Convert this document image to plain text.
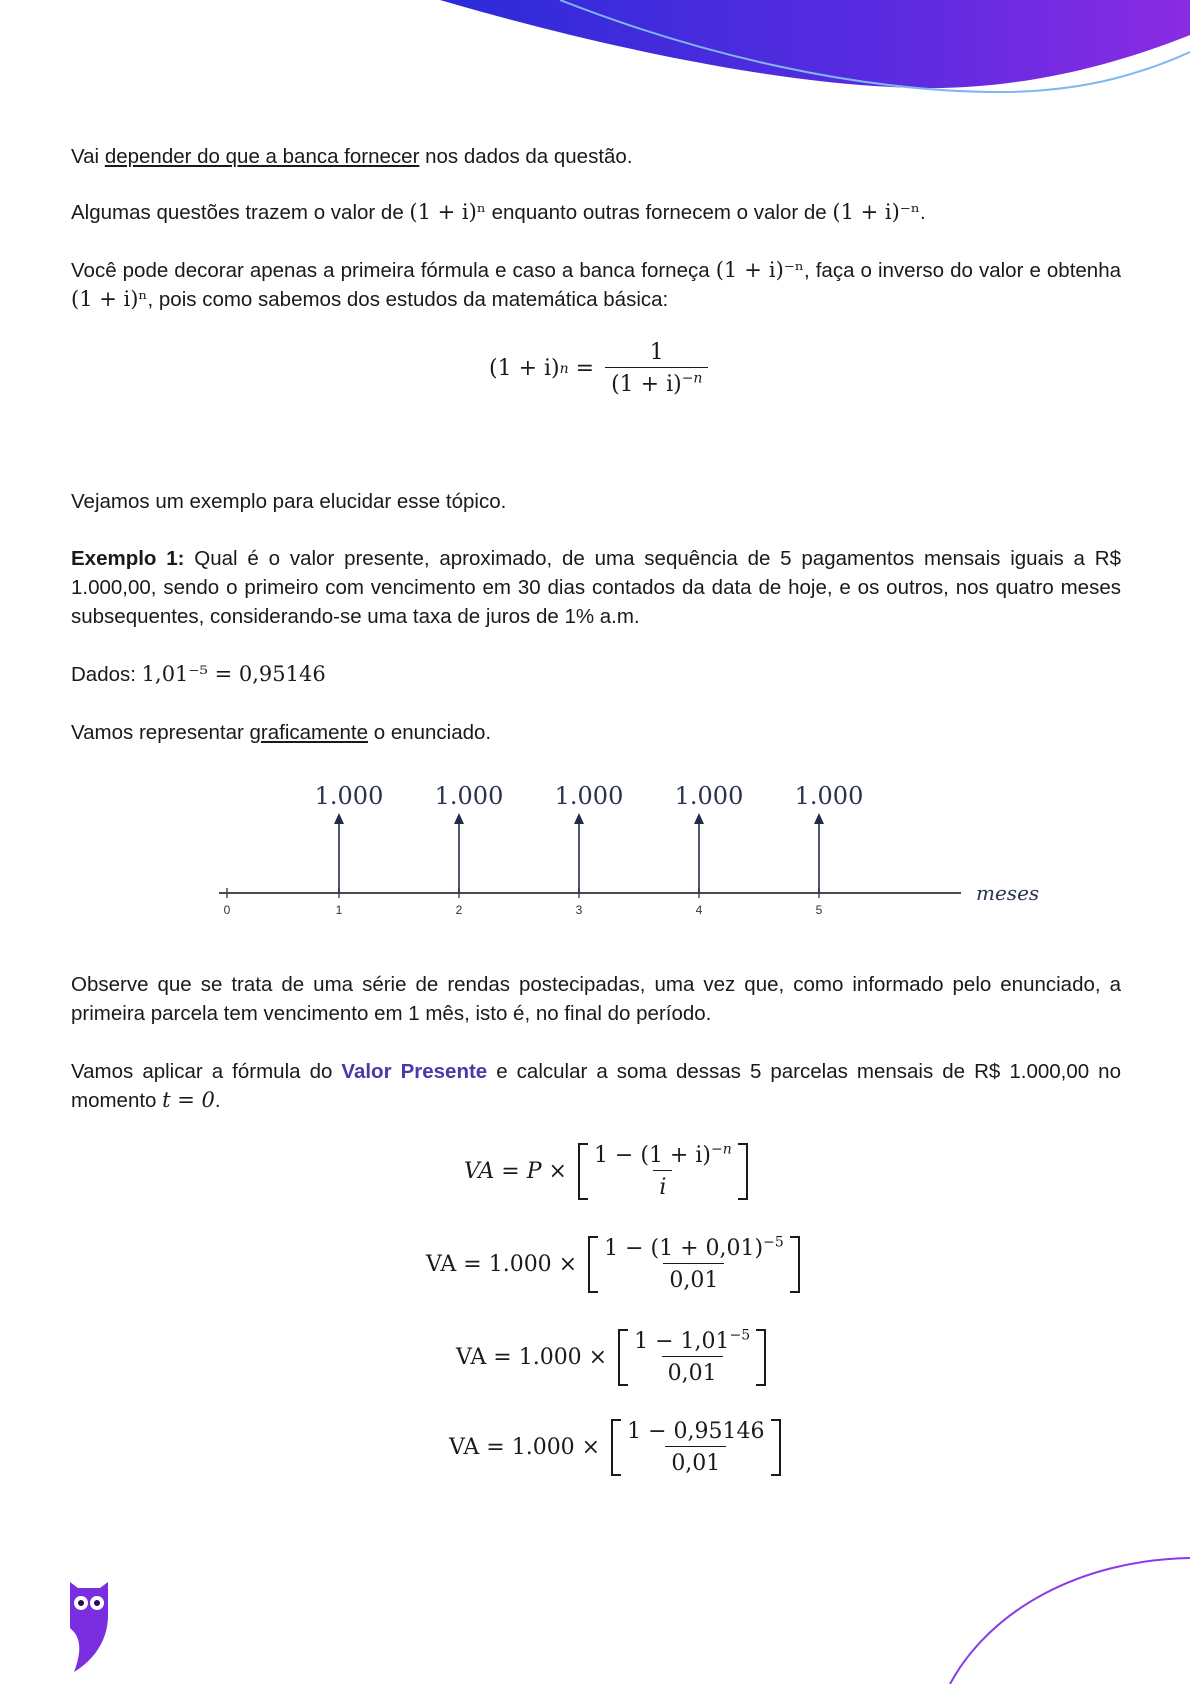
Vai depender do que a banca fornecer nos dados da questão.

Algumas questões trazem o valor de (1 + i)ⁿ enquanto outras fornecem o valor de (1 + i)⁻ⁿ.

Você pode decorar apenas a primeira fórmula e caso a banca forneça (1 + i)⁻ⁿ, faça o inverso do valor e obtenha (1 + i)ⁿ, pois como sabemos dos estudos da matemática básica:

(1 + i) $n = \frac{1}{(1 + i)^{-n}}$

Vejamos um exemplo para elucidar esse tópico.

Exemplo 1: Qual é o valor presente, aproximado, de uma sequência de 5 pagamentos mensais iguais a R$ 1.000,00, sendo o primeiro com vencimento em 30 dias contados da data de hoje, e os outros, nos quatro meses subsequentes, considerando-se uma taxa de juros de 1% a.m.

Dados: 1,01⁻⁵ = 0,95146

Vamos representar graficamente o enunciado.

0
1.000
1
1.000
2
1.000
3
1.000
4
1.000
5
meses

Observe que se trata de uma série de rendas postecipadas, uma vez que, como informado pelo enunciado, a primeira parcela tem vencimento em 1 mês, isto é, no final do período.

Vamos aplicar a fórmula do Valor Presente e calcular a soma dessas 5 parcelas mensais de R$ 1.000,00 no momento t = 0.

VA = $P \times \frac{1 - (1 + i)^{-n}}{i}$
VA = $1.000 \times \frac{1 - (1 + 0,01)^{-5}}{0,01}$
VA = $1.000 \times \frac{1 - 1,01^{-5}}{0,01}$
VA = $1.000 \times \frac{1 - 0,95146}{0,01}$
